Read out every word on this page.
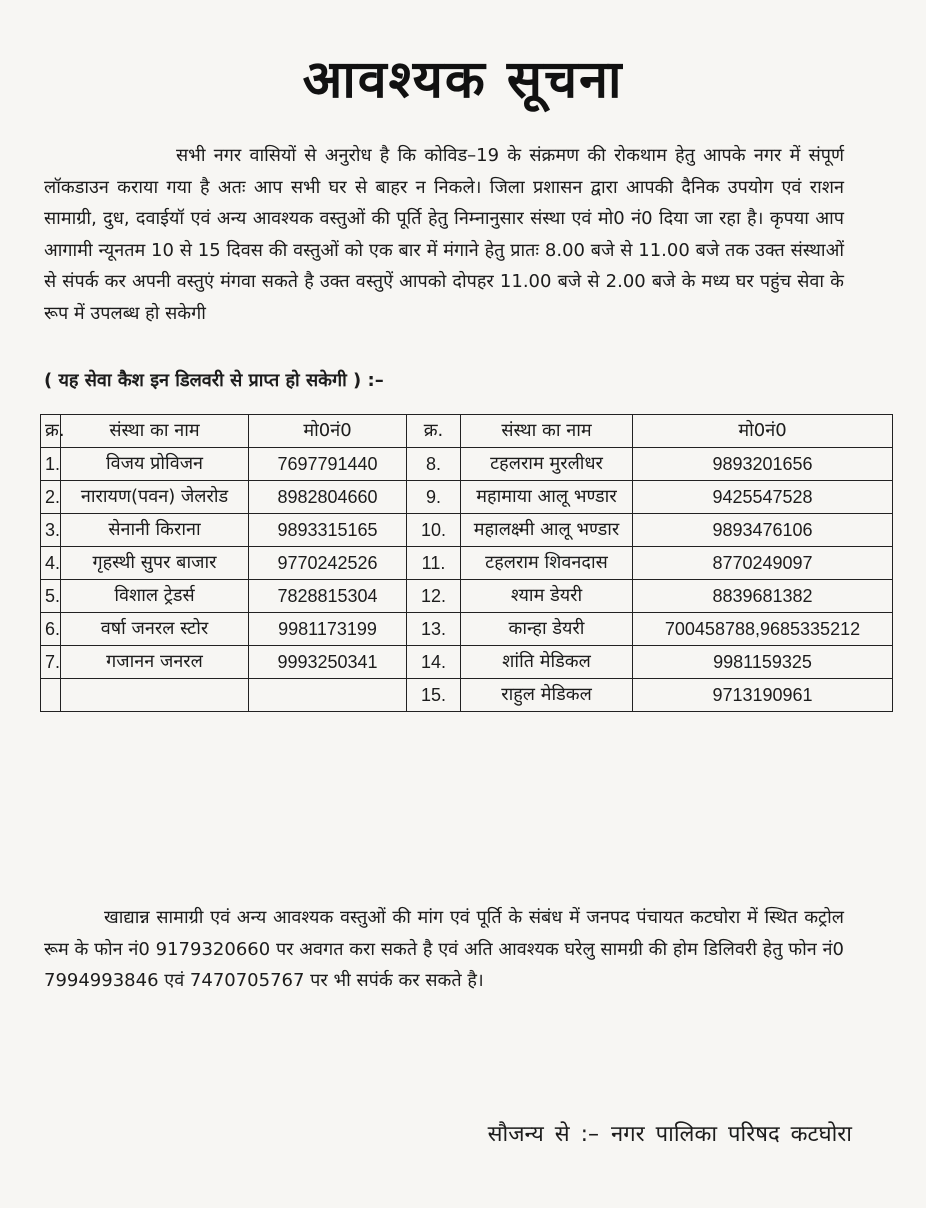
आवश्यक सूचना

सभी नगर वासियों से अनुरोध है कि कोविड–19 के संक्रमण की रोकथाम हेतु आपके नगर में संपूर्ण लॉकडाउन कराया गया है अतः आप सभी घर से बाहर न निकले। जिला प्रशासन द्वारा आपकी दैनिक उपयोग एवं राशन सामाग्री, दुध, दवाईयॉ एवं अन्य आवश्यक वस्तुओं की पूर्ति हेतु निम्नानुसार संस्था एवं मो0 नं0 दिया जा रहा है। कृपया आप आगामी न्यूनतम 10 से 15 दिवस की वस्तुओं को एक बार में मंगाने हेतु प्रातः 8.00 बजे से 11.00 बजे तक उक्त संस्थाओं से संपर्क कर अपनी वस्तुएं मंगवा सकते है उक्त वस्तुऐं आपको दोपहर 11.00 बजे से 2.00 बजे के मध्य घर पहुंच सेवा के रूप में उपलब्ध हो सकेगी

( यह सेवा कैश इन डिलवरी से प्राप्त हो सकेगी ) :–
क्र.	संस्था का नाम	मो0नं0	क्र.	संस्था का नाम	मो0नं0
1.	विजय प्रोविजन	7697791440	8.	टहलराम मुरलीधर	9893201656
2.	नारायण(पवन) जेलरोड	8982804660	9.	महामाया आलू भण्डार	9425547528
3.	सेनानी किराना	9893315165	10.	महालक्ष्मी आलू भण्डार	9893476106
4.	गृहस्थी सुपर बाजार	9770242526	11.	टहलराम शिवनदास	8770249097
5.	विशाल ट्रेडर्स	7828815304	12.	श्याम डेयरी	8839681382
6.	वर्षा जनरल स्टोर	9981173199	13.	कान्हा डेयरी	700458788,9685335212
7.	गजानन जनरल	9993250341	14.	शांति मेडिकल	9981159325
			15.	राहुल मेडिकल	9713190961

खाद्यान्न सामाग्री एवं अन्य आवश्यक वस्तुओं की मांग एवं पूर्ति के संबंध में जनपद पंचायत कटघोरा में स्थित कट्रोल रूम के फोन नं0 9179320660 पर अवगत करा सकते है एवं अति आवश्यक घरेलु सामग्री की होम डिलिवरी हेतु फोन नं0 7994993846 एवं 7470705767 पर भी सपंर्क कर सकते है।

सौजन्य से :– नगर पालिका परिषद कटघोरा
